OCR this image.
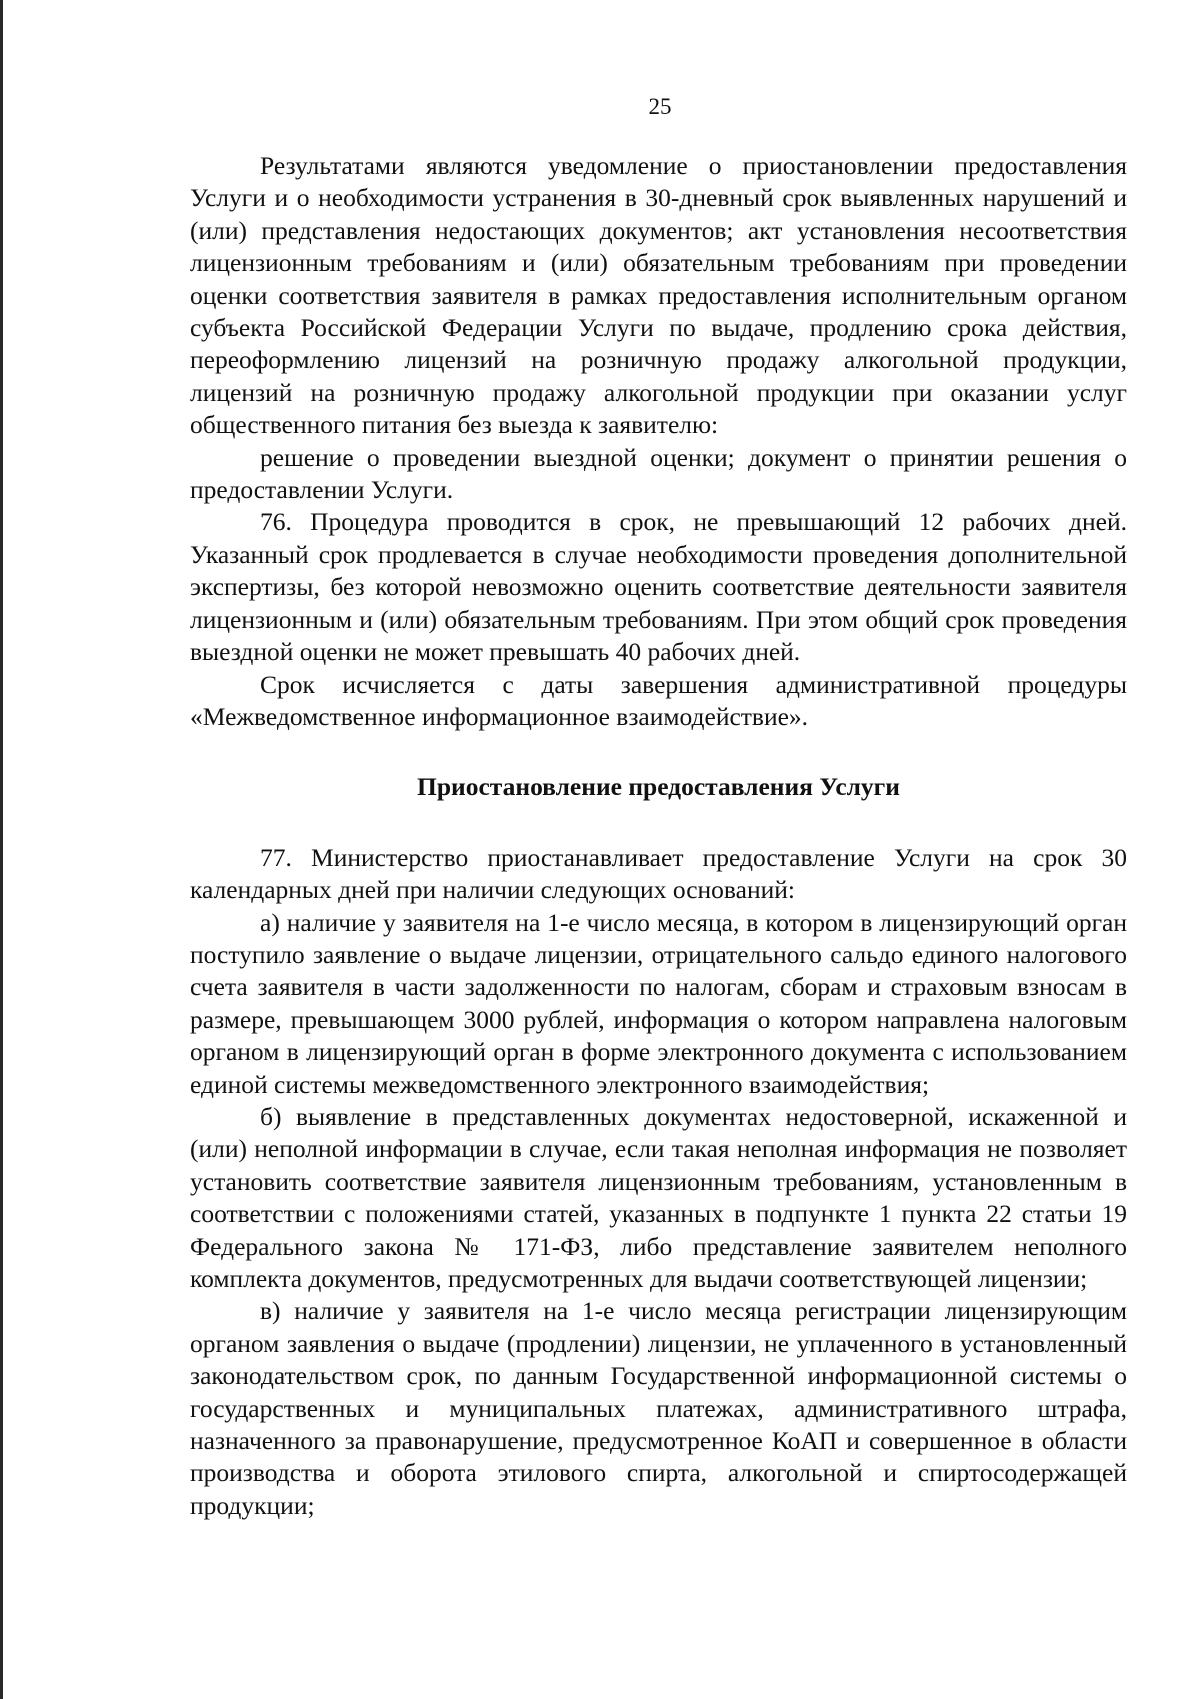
25

Результатами являются уведомление о приостановлении предоставления Услуги и о необходимости устранения в 30-дневный срок выявленных нарушений и (или) представления недостающих документов; акт установления несоответствия лицензионным требованиям и (или) обязательным требованиям при проведении оценки соответствия заявителя в рамках предоставления исполнительным органом субъекта Российской Федерации Услуги по выдаче, продлению срока действия, переоформлению лицензий на розничную продажу алкогольной продукции, лицензий на розничную продажу алкогольной продукции при оказании услуг общественного питания без выезда к заявителю:

решение о проведении выездной оценки; документ о принятии решения о предоставлении Услуги.

76. Процедура проводится в срок, не превышающий 12 рабочих дней. Указанный срок продлевается в случае необходимости проведения дополнительной экспертизы, без которой невозможно оценить соответствие деятельности заявителя лицензионным и (или) обязательным требованиям. При этом общий срок проведения выездной оценки не может превышать 40 рабочих дней.

Срок исчисляется с даты завершения административной процедуры «Межведомственное информационное взаимодействие».

Приостановление предоставления Услуги

77. Министерство приостанавливает предоставление Услуги на срок 30 календарных дней при наличии следующих оснований:

а) наличие у заявителя на 1-е число месяца, в котором в лицензирующий орган поступило заявление о выдаче лицензии, отрицательного сальдо единого налогового счета заявителя в части задолженности по налогам, сборам и страховым взносам в размере, превышающем 3000 рублей, информация о котором направлена налоговым органом в лицензирующий орган в форме электронного документа с использованием единой системы межведомственного электронного взаимодействия;

б) выявление в представленных документах недостоверной, искаженной и (или) неполной информации в случае, если такая неполная информация не позволяет установить соответствие заявителя лицензионным требованиям, установленным в соответствии с положениями статей, указанных в подпункте 1 пункта 22 статьи 19 Федерального закона № 171-ФЗ, либо представление заявителем неполного комплекта документов, предусмотренных для выдачи соответствующей лицензии;

в) наличие у заявителя на 1-е число месяца регистрации лицензирующим органом заявления о выдаче (продлении) лицензии, не уплаченного в установленный законодательством срок, по данным Государственной информационной системы о государственных и муниципальных платежах, административного штрафа, назначенного за правонарушение, предусмотренное КоАП и совершенное в области производства и оборота этилового спирта, алкогольной и спиртосодержащей продукции;
